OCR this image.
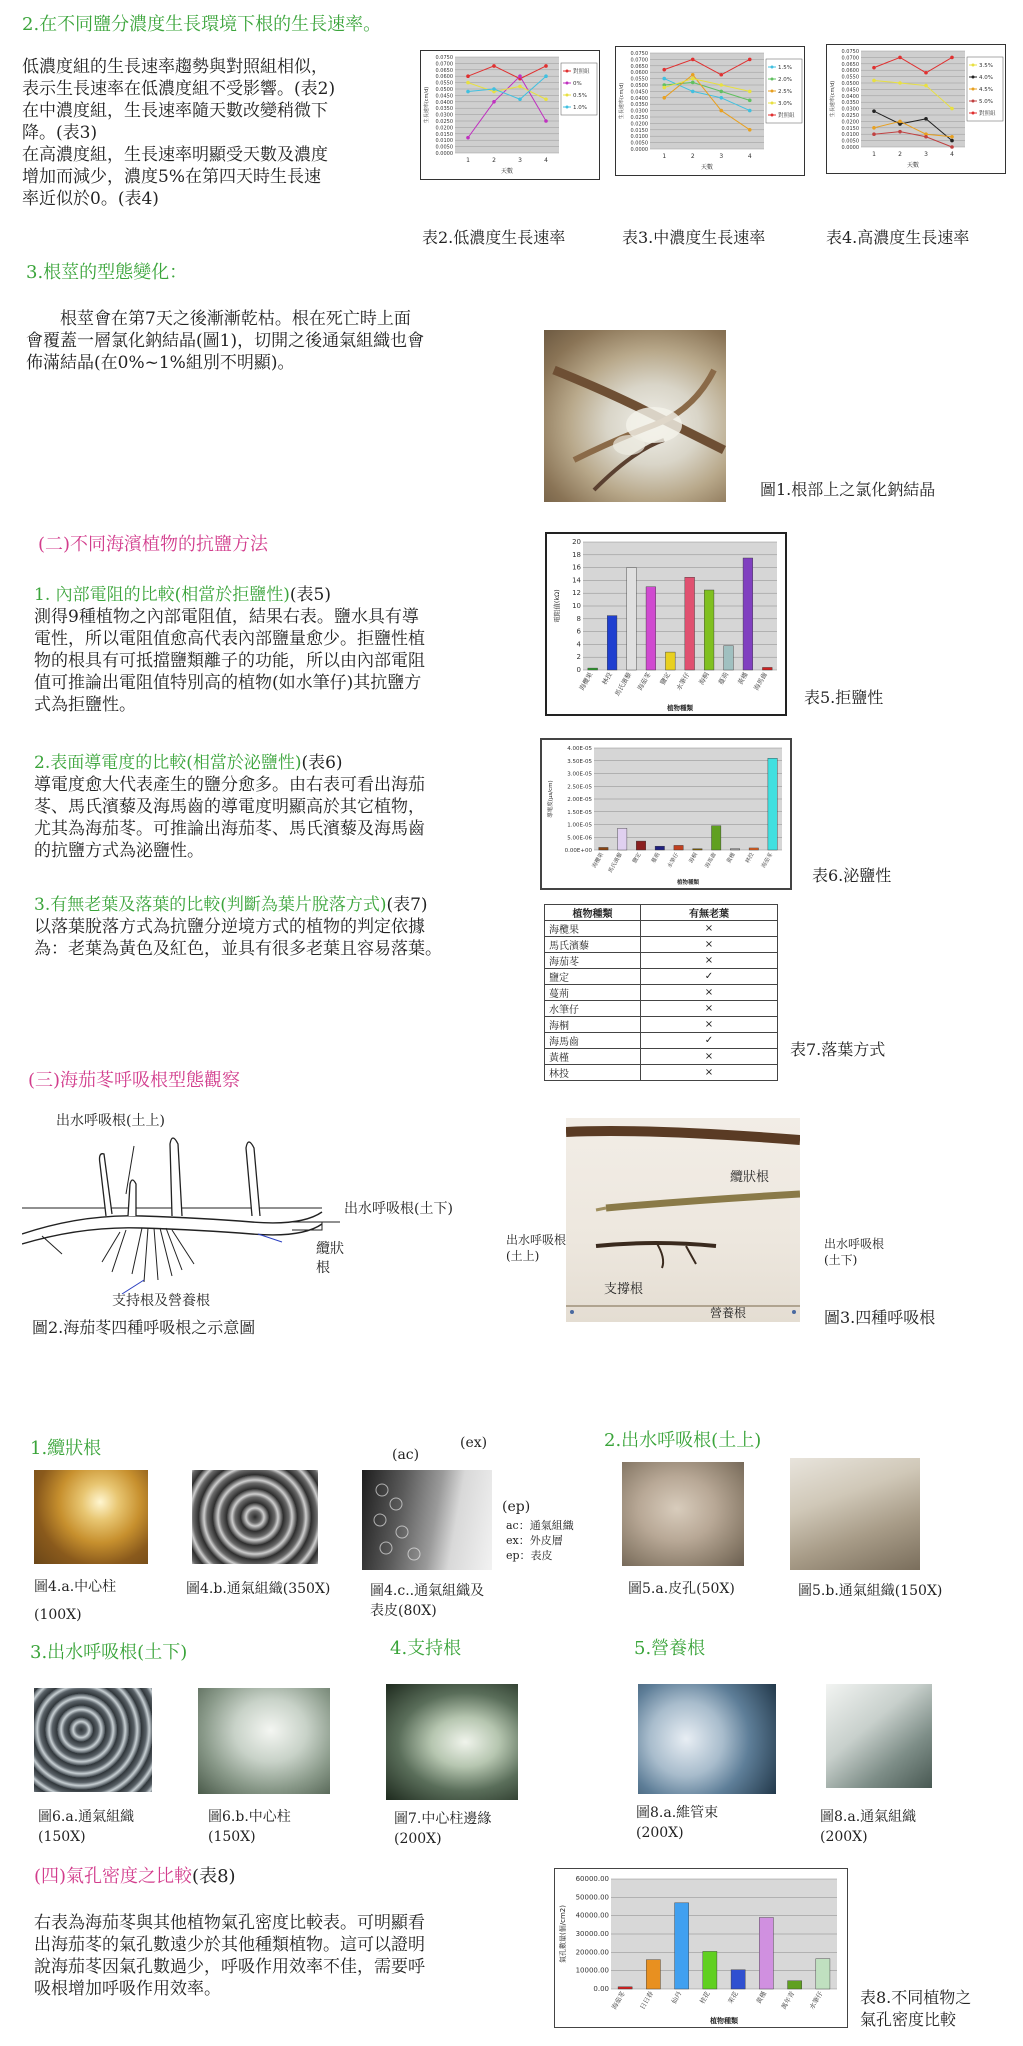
2.在不同鹽分濃度生長環境下根的生長速率。
低濃度組的生長速率趨勢與對照組相似，
表示生長速率在低濃度組不受影響。(表2)
在中濃度組，生長速率隨天數改變稍微下
降。(表3)
在高濃度組，生長速率明顯受天數及濃度
增加而減少，濃度5%在第四天時生長速
率近似於0。(表4)
0.0000
0.0050
0.0100
0.0150
0.0200
0.0250
0.0300
0.0350
0.0400
0.0450
0.0500
0.0550
0.0600
0.0650
0.0700
0.0750
1	2	3	4
天數
生長速率(cm/d)
對照組
0%
0.5%
1.0%
0.0000
0.0050
0.0100
0.0150
0.0200
0.0250
0.0300
0.0350
0.0400
0.0450
0.0500
0.0550
0.0600
0.0650
0.0700
0.0750
1	2	3	4
天數
生長速率(cm/d)
1.5%
2.0%
2.5%
3.0%
對照組
0.0000
0.0050
0.0100
0.0150
0.0200
0.0250
0.0300
0.0350
0.0400
0.0450
0.0500
0.0550
0.0600
0.0650
0.0700
0.0750
1	2	3	4
天數
生長速率(cm/d)
3.5%
4.0%
4.5%
5.0%
對照組
表2.低濃度生長速率	表3.中濃度生長速率	表4.高濃度生長速率
3.根莖的型態變化：
根莖會在第7天之後漸漸乾枯。根在死亡時上面
會覆蓋一層氯化鈉結晶(圖1)，切開之後通氣組織也會
佈滿結晶(在0%~1%組別不明顯)。
圖1.根部上之氯化鈉結晶
(二)不同海濱植物的抗鹽方法
1. 內部電阻的比較(相當於拒鹽性)(表5)
測得9種植物之內部電阻值，結果右表。鹽水具有導
電性，所以電阻值愈高代表內部鹽量愈少。拒鹽性植
物的根具有可抵擋鹽類離子的功能，所以由內部電阻
值可推論出電阻值特別高的植物(如水筆仔)其抗鹽方
式為拒鹽性。
0
2
4
6
8
10
12
14
16
18
20
海欖果 林投 馬氏濱藜 海茄苳 鹽定 水筆仔 海桐 蔓荊 黃槿 海馬齒
植物種類
電阻值(kΩ)
表5.拒鹽性
2.表面導電度的比較(相當於泌鹽性)(表6)
導電度愈大代表產生的鹽分愈多。由右表可看出海茄
苳、馬氏濱藜及海馬齒的導電度明顯高於其它植物，
尤其為海茄苳。可推論出海茄苳、馬氏濱藜及海馬齒
的抗鹽方式為泌鹽性。	0.00E+00
5.00E-06
1.00E-05
1.50E-05
2.00E-05
2.50E-05
3.00E-05
3.50E-05
4.00E-05
海欖果 馬氏濱藜	鹽定	蔓荊 水筆仔	海桐 海馬齒	黃槿	林投 海茄苳
植物種類
導電度(μs/cm)
表6.泌鹽性
3.有無老葉及落葉的比較(判斷為葉片脫落方式)(表7)
以落葉脫落方式為抗鹽分逆境方式的植物的判定依據
為：老葉為黃色及紅色，並具有很多老葉且容易落葉。
植物種類	有無老葉
海欖果	×
馬氏濱藜	×
海茄苳	×
鹽定	✓
蔓荊	×
水筆仔	×
海桐	×
海馬齒	✓
黃槿	×
林投	×
表7.落葉方式
(三)海茄苳呼吸根型態觀察
出水呼吸根(土上)
出水呼吸根(土下)
纜狀根
支持根及營養根
圖2.海茄苳四種呼吸根之示意圖
纜狀根
支撐根
營養根
出水呼吸根
(土上)
出水呼吸根
(土下)
圖3.四種呼吸根
1.纜狀根	2.出水呼吸根(土上)
(ac)
(ex)
(ep)
ac：通氣組織
ex：外皮層
ep：表皮
圖4.a.中心柱
(100X)
圖4.b.通氣組織(350X)	圖4.c..通氣組織及
表皮(80X)
圖5.a.皮孔(50X)	圖5.b.通氣組織(150X)
3.出水呼吸根(土下)	4.支持根	5.營養根
圖6.a.通氣組織
(150X)
圖6.b.中心柱
(150X)
圖7.中心柱邊緣
(200X)
圖8.a.維管束
(200X)
圖8.a.通氣組織
(200X)
(四)氣孔密度之比較(表8)
右表為海茄苳與其他植物氣孔密度比較表。可明顯看
出海茄苳的氣孔數遠少於其他種類植物。這可以證明
說海茄苳因氣孔數過少，呼吸作用效率不佳，需要呼
吸根增加呼吸作用效率。	0.00
10000.00
20000.00
30000.00
40000.00
50000.00
60000.00
海茄苳 日日春 仙丹 桂花 茉花 黃槿 萬年青 水筆仔
植物種類
氣孔數量(個/cm2)
表8.不同植物之
氣孔密度比較
